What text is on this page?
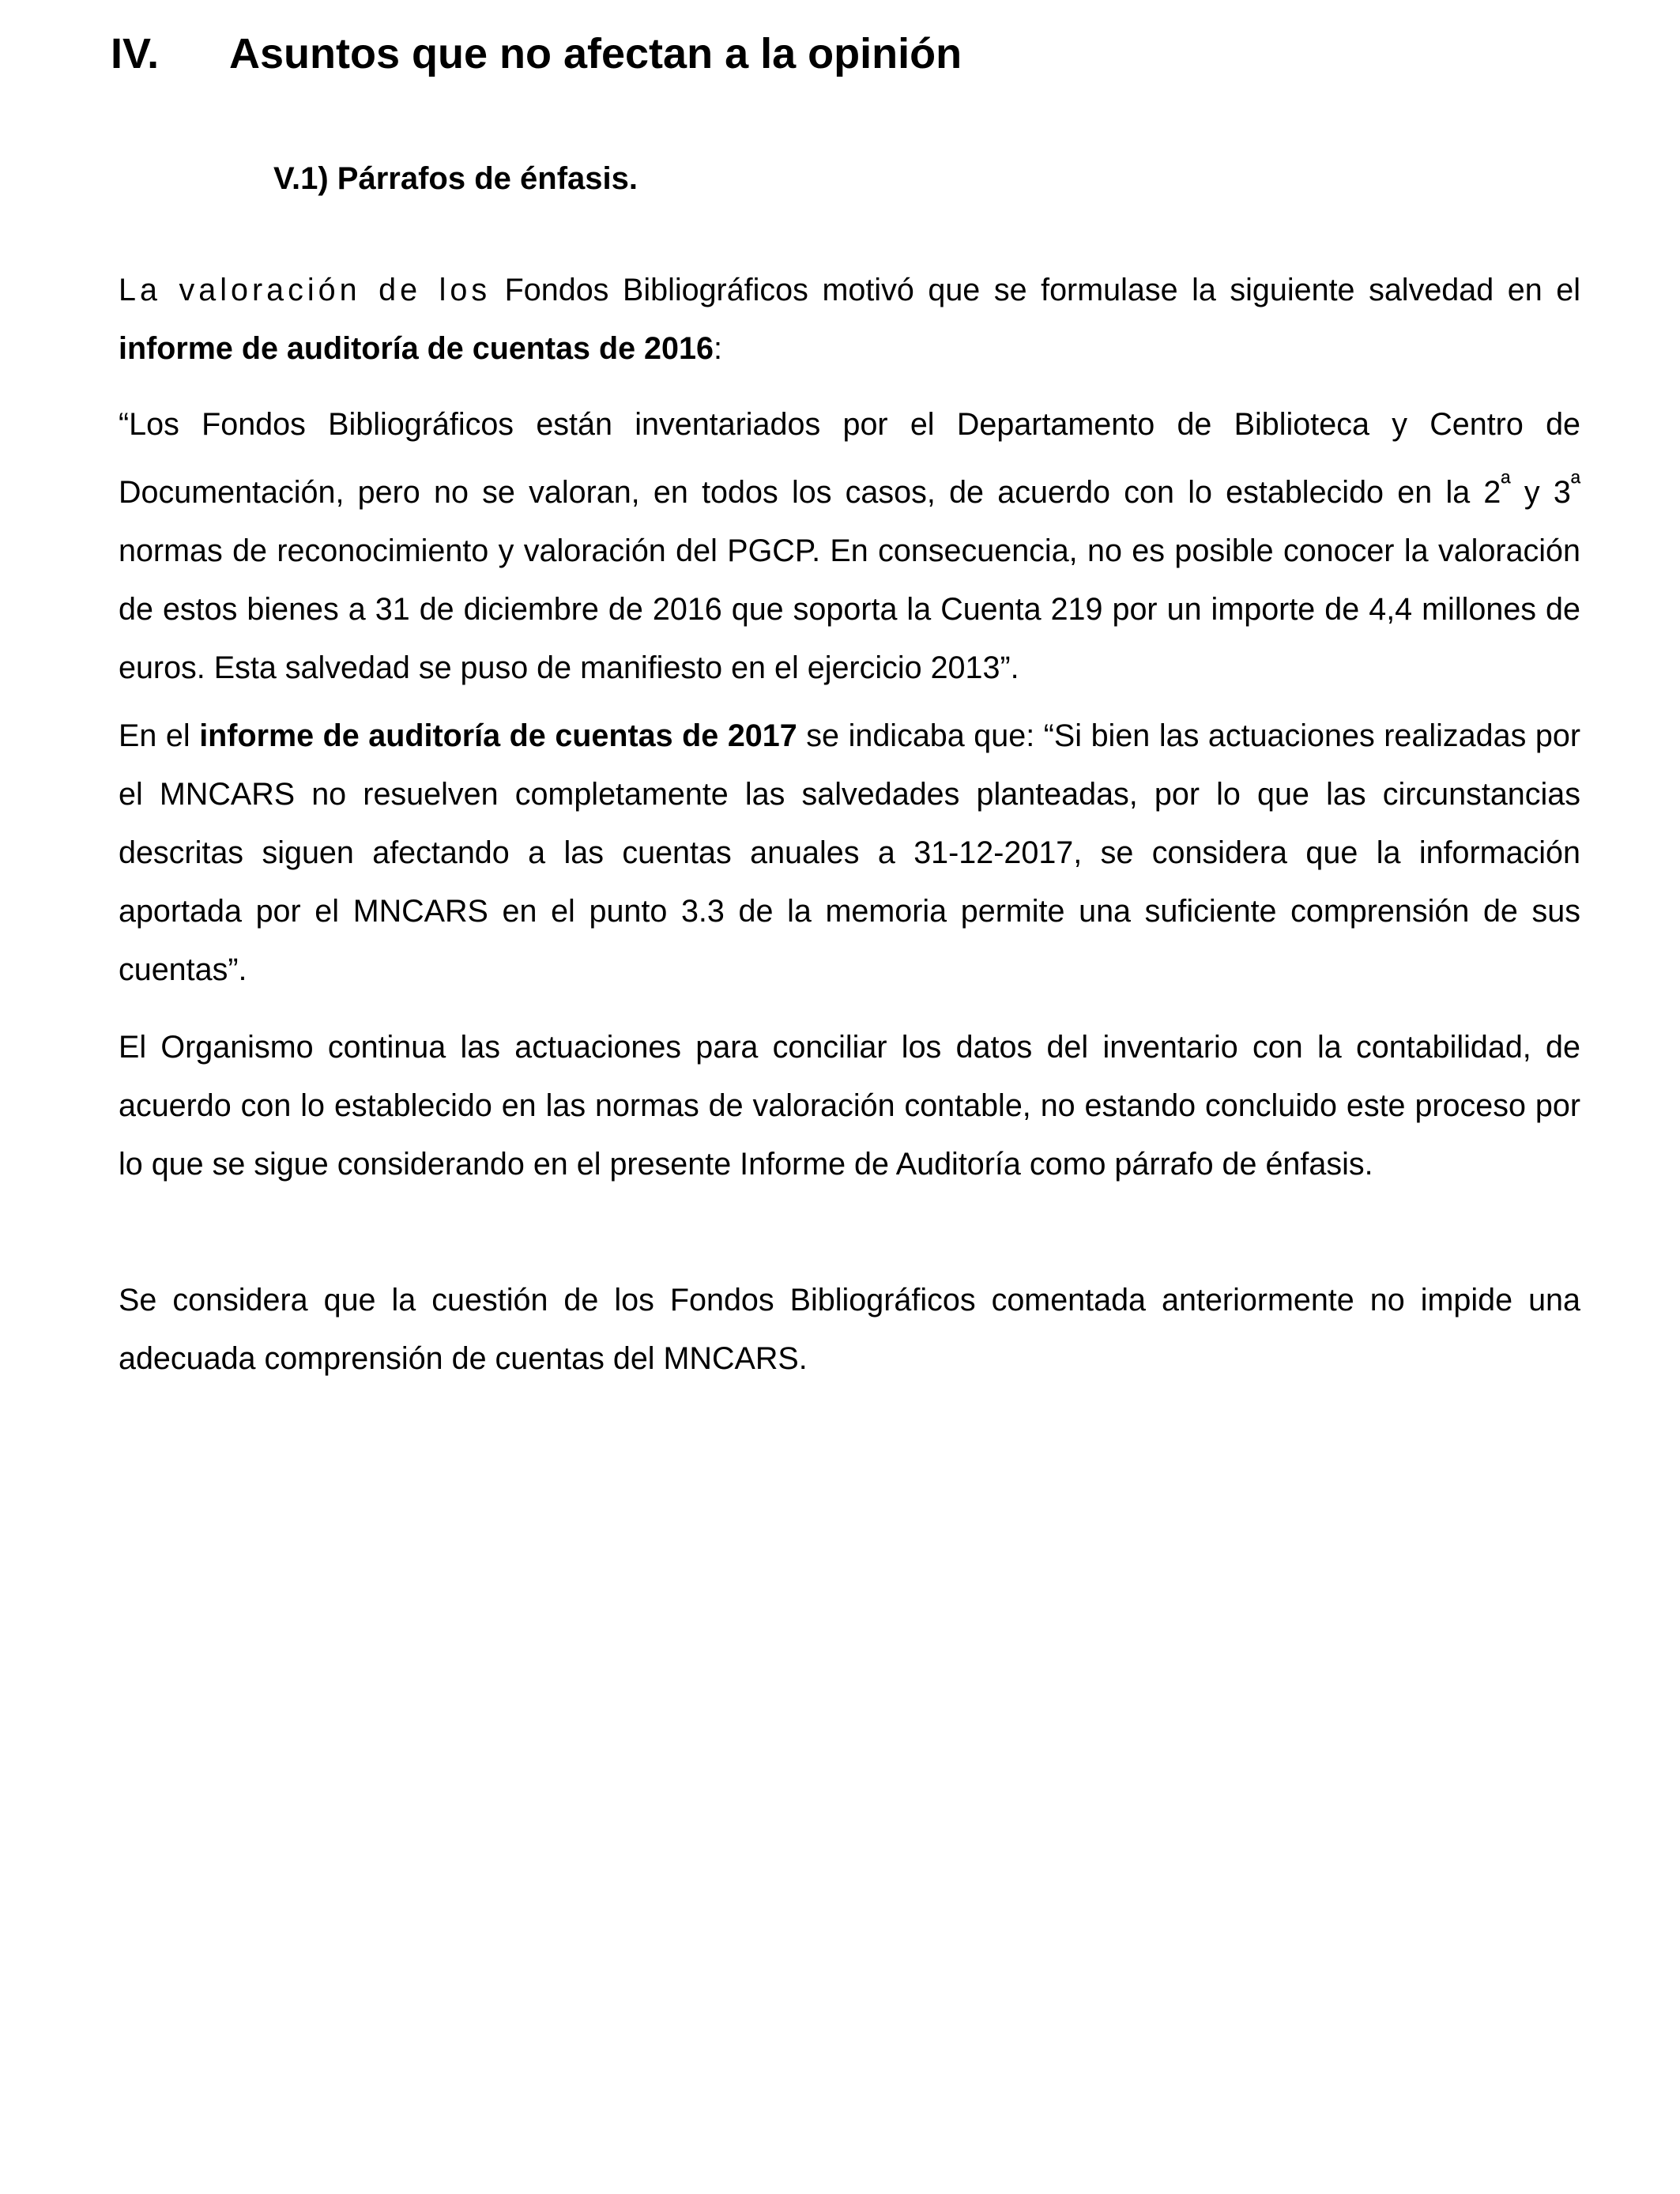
IV. Asuntos que no afectan a la opinión
V.1) Párrafos de énfasis.

La valoración de los Fondos Bibliográficos motivó que se formulase la siguiente salvedad en el informe de auditoría de cuentas de 2016:

“Los Fondos Bibliográficos están inventariados por el Departamento de Biblioteca y Centro de Documentación, pero no se valoran, en todos los casos, de acuerdo con lo establecido en la $2^ª$ y $3^ª$ normas de reconocimiento y valoración del PGCP. En consecuencia, no es posible conocer la valoración de estos bienes a 31 de diciembre de 2016 que soporta la Cuenta 219 por un importe de 4,4 millones de euros. Esta salvedad se puso de manifiesto en el ejercicio 2013”.

En el informe de auditoría de cuentas de 2017 se indicaba que: “Si bien las actuaciones realizadas por el MNCARS no resuelven completamente las salvedades planteadas, por lo que las circunstancias descritas siguen afectando a las cuentas anuales a 31-12-2017, se considera que la información aportada por el MNCARS en el punto 3.3 de la memoria permite una suficiente comprensión de sus cuentas”.

El Organismo continua las actuaciones para conciliar los datos del inventario con la contabilidad, de acuerdo con lo establecido en las normas de valoración contable, no estando concluido este proceso por lo que se sigue considerando en el presente Informe de Auditoría como párrafo de énfasis.

Se considera que la cuestión de los Fondos Bibliográficos comentada anteriormente no impide una adecuada comprensión de cuentas del MNCARS.
